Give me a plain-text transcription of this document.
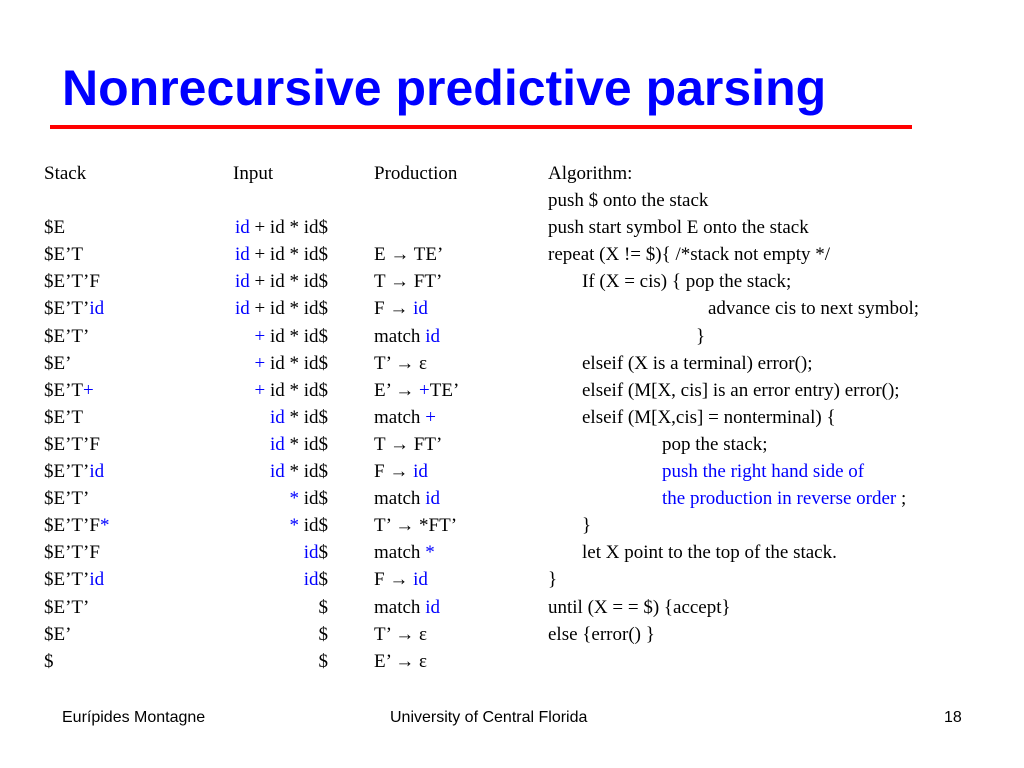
Nonrecursive predictive parsing
Stack
$E
$E’T
$E’T’F
$E’T’id
$E’T’
$E’
$E’T+
$E’T
$E’T’F
$E’T’id
$E’T’
$E’T’F*
$E’T’F
$E’T’id
$E’T’
$E’
$
Input
id + id * id$
id + id * id$
id + id * id$
id + id * id$
+ id * id$
+ id * id$
+ id * id$
id * id$
id * id$
id * id$
* id$
* id$
id$
id$
$
$
$
Production
E → TE’
T → FT’
F → id
match id
T’ → ε
E’ → +TE’
match +
T → FT’
F → id
match id
T’ → *FT’
match *
F → id
match id
T’ → ε
E’ → ε
Algorithm:
push $ onto the stack
push start symbol E onto the stack
repeat (X != $){ /*stack not empty */
If (X = cis) { pop the stack;
advance cis to next symbol;
}
elseif (X is a terminal) error();
elseif (M[X, cis] is an error entry) error();
elseif (M[X,cis] = nonterminal) {
pop the stack;
push the right hand side of
the production in reverse order ;
}
let X point to the top of the stack.
}
until (X = = $) {accept}
else {error() }
Eurípides Montagne	University of Central Florida	18
